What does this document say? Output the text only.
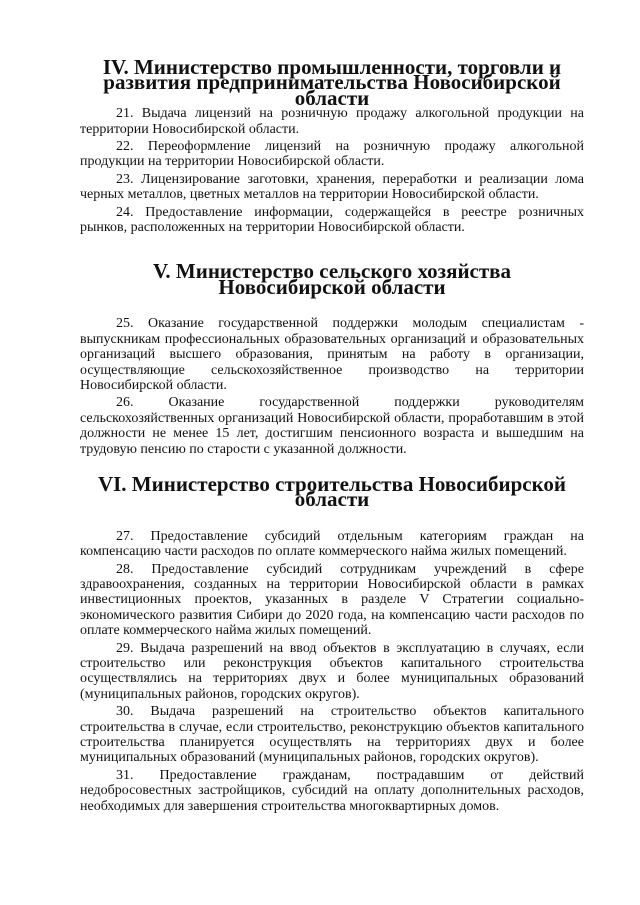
IV. Министерство промышленности, торговли и развития предпринимательства Новосибирской области

21. Выдача лицензий на розничную продажу алкогольной продукции на территории Новосибирской области.

22. Переоформление лицензий на розничную продажу алкогольной продукции на территории Новосибирской области.

23. Лицензирование заготовки, хранения, переработки и реализации лома черных металлов, цветных металлов на территории Новосибирской области.

24. Предоставление информации, содержащейся в реестре розничных рынков, расположенных на территории Новосибирской области.

V. Министерство сельского хозяйства Новосибирской области

25. Оказание государственной поддержки молодым специалистам - выпускникам профессиональных образовательных организаций и образовательных организаций высшего образования, принятым на работу в организации, осуществляющие сельскохозяйственное производство на территории Новосибирской области.

26. Оказание государственной поддержки руководителям сельскохозяйственных организаций Новосибирской области, проработавшим в этой должности не менее 15 лет, достигшим пенсионного возраста и вышедшим на трудовую пенсию по старости с указанной должности.

VI. Министерство строительства Новосибирской области

27. Предоставление субсидий отдельным категориям граждан на компенсацию части расходов по оплате коммерческого найма жилых помещений.

28. Предоставление субсидий сотрудникам учреждений в сфере здравоохранения, созданных на территории Новосибирской области в рамках инвестиционных проектов, указанных в разделе V Стратегии социально-экономического развития Сибири до 2020 года, на компенсацию части расходов по оплате коммерческого найма жилых помещений.

29. Выдача разрешений на ввод объектов в эксплуатацию в случаях, если строительство или реконструкция объектов капитального строительства осуществлялись на территориях двух и более муниципальных образований (муниципальных районов, городских округов).

30. Выдача разрешений на строительство объектов капитального строительства в случае, если строительство, реконструкцию объектов капитального строительства планируется осуществлять на территориях двух и более муниципальных образований (муниципальных районов, городских округов).

31. Предоставление гражданам, пострадавшим от действий недобросовестных застройщиков, субсидий на оплату дополнительных расходов, необходимых для завершения строительства многоквартирных домов.
